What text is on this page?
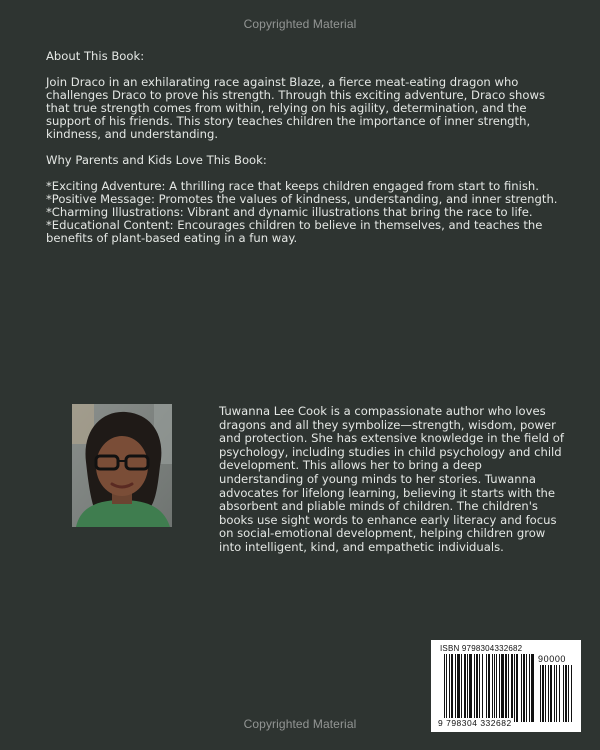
Copyrighted Material

About This Book:

Join Draco in an exhilarating race against Blaze, a fierce meat-eating dragon who challenges Draco to prove his strength. Through this exciting adventure, Draco shows that true strength comes from within, relying on his agility, determination, and the support of his friends. This story teaches children the importance of inner strength, kindness, and understanding.

Why Parents and Kids Love This Book:

*Exciting Adventure: A thrilling race that keeps children engaged from start to finish.

*Positive Message: Promotes the values of kindness, understanding, and inner strength.

*Charming Illustrations: Vibrant and dynamic illustrations that bring the race to life.

*Educational Content: Encourages children to believe in themselves, and teaches the benefits of plant-based eating in a fun way.

Tuwanna Lee Cook is a compassionate author who loves dragons and all they symbolize—strength, wisdom, power and protection. She has extensive knowledge in the field of psychology, including studies in child psychology and child development. This allows her to bring a deep understanding of young minds to her stories. Tuwanna advocates for lifelong learning, believing it starts with the absorbent and pliable minds of children. The children's books use sight words to enhance early literacy and focus on social-emotional development, helping children grow into intelligent, kind, and empathetic individuals.
ISBN 9798304332682
90000
9 798304 332682
Copyrighted Material
